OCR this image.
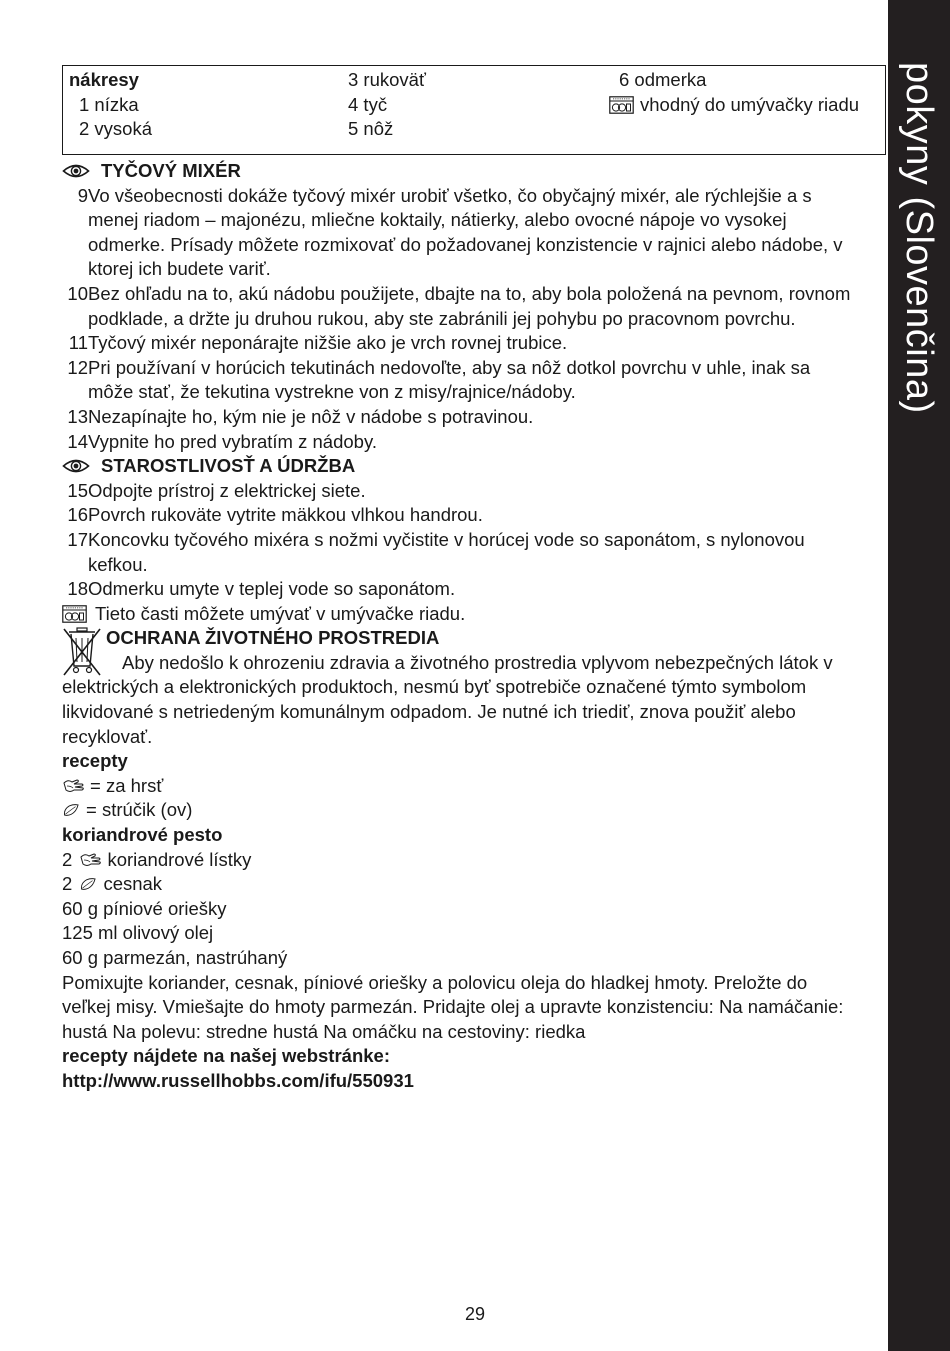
pokyny (Slovenčina)
nákresy
1 nízka
2 vysoká
3 rukoväť
4 tyč
5 nôž
6 odmerka
vhodný do umývačky riadu
TYČOVÝ MIXÉR
9 Vo všeobecnosti dokáže tyčový mixér urobiť všetko, čo obyčajný mixér, ale rýchlejšie a s
menej riadom – majonézu, mliečne koktaily, nátierky, alebo ovocné nápoje vo vysokej
odmerke. Prísady môžete rozmixovať do požadovanej konzistencie v rajnici alebo nádobe, v
ktorej ich budete variť.
10 Bez ohľadu na to, akú nádobu použijete, dbajte na to, aby bola položená na pevnom, rovnom
podklade, a držte ju druhou rukou, aby ste zabránili jej pohybu po pracovnom povrchu.
11 Tyčový mixér neponárajte nižšie ako je vrch rovnej trubice.
12 Pri používaní v horúcich tekutinách nedovoľte, aby sa nôž dotkol povrchu v uhle, inak sa
môže stať, že tekutina vystrekne von z misy/rajnice/nádoby.
13 Nezapínajte ho, kým nie je nôž v nádobe s potravinou.
14 Vypnite ho pred vybratím z nádoby.
STAROSTLIVOSŤ A ÚDRŽBA
15 Odpojte prístroj z elektrickej siete.
16 Povrch rukoväte vytrite mäkkou vlhkou handrou.
17 Koncovku tyčového mixéra s nožmi vyčistite v horúcej vode so saponátom, s nylonovou
kefkou.
18 Odmerku umyte v teplej vode so saponátom.
Tieto časti môžete umývať v umývačke riadu.
OCHRANA ŽIVOTNÉHO PROSTREDIA
Aby nedošlo k ohrozeniu zdravia a životného prostredia vplyvom nebezpečných látok v
elektrických a elektronických produktoch, nesmú byť spotrebiče označené týmto symbolom
likvidované s netriedeným komunálnym odpadom. Je nutné ich triediť, znova použiť alebo
recyklovať.
recepty
= za hrsť
= strúčik (ov)
koriandrové pesto
2 koriandrové lístky
2 cesnak
60 g píniové oriešky
125 ml olivový olej
60 g parmezán, nastrúhaný
Pomixujte koriander, cesnak, píniové oriešky a polovicu oleja do hladkej hmoty. Preložte do
veľkej misy. Vmiešajte do hmoty parmezán. Pridajte olej a upravte konzistenciu: Na namáčanie:
hustá Na polevu: stredne hustá Na omáčku na cestoviny: riedka
recepty nájdete na našej webstránke:
http://www.russellhobbs.com/ifu/550931
29
